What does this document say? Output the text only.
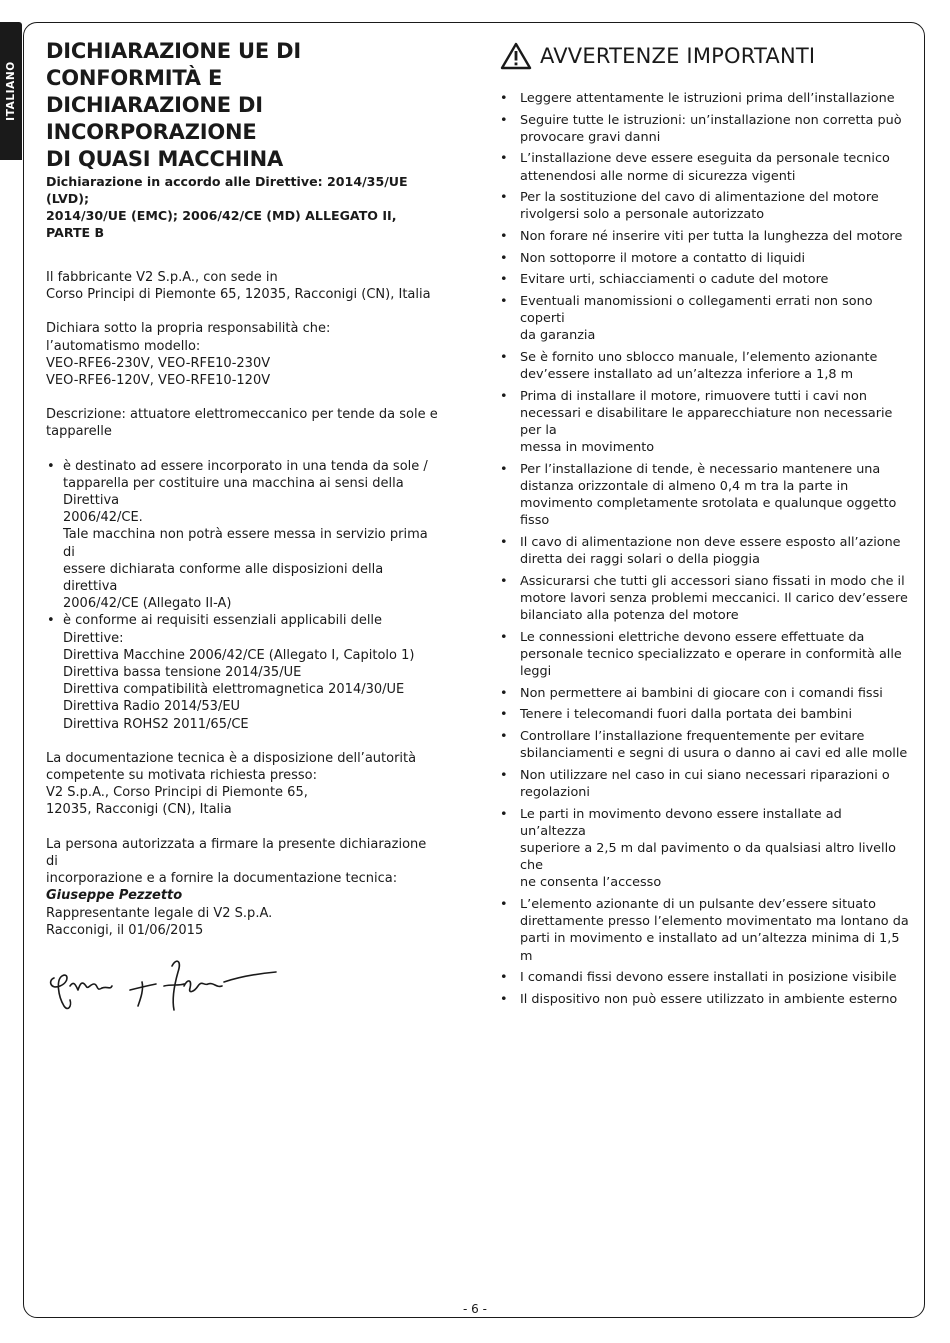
ITALIANO
DICHIARAZIONE UE DI CONFORMITÀ E
DICHIARAZIONE DI INCORPORAZIONE
DI QUASI MACCHINA

Dichiarazione in accordo alle Direttive: 2014/35/UE (LVD);
2014/30/UE (EMC); 2006/42/CE (MD) ALLEGATO II, PARTE B

Il fabbricante V2 S.p.A., con sede in
Corso Principi di Piemonte 65, 12035, Racconigi (CN), Italia

Dichiara sotto la propria responsabilità che:
l’automatismo modello:
VEO-RFE6-230V, VEO-RFE10-230V
VEO-RFE6-120V, VEO-RFE10-120V

Descrizione: attuatore elettromeccanico per tende da sole e
tapparelle

• è destinato ad essere incorporato in una tenda da sole /
tapparella per costituire una macchina ai sensi della Direttiva
2006/42/CE.
Tale macchina non potrà essere messa in servizio prima di
essere dichiarata conforme alle disposizioni della direttiva
2006/42/CE (Allegato II-A)
• è conforme ai requisiti essenziali applicabili delle Direttive:
Direttiva Macchine 2006/42/CE (Allegato I, Capitolo 1)
Direttiva bassa tensione 2014/35/UE
Direttiva compatibilità elettromagnetica 2014/30/UE
Direttiva Radio 2014/53/EU
Direttiva ROHS2 2011/65/CE

La documentazione tecnica è a disposizione dell’autorità
competente su motivata richiesta presso:
V2 S.p.A., Corso Principi di Piemonte 65,
12035, Racconigi (CN), Italia

La persona autorizzata a firmare la presente dichiarazione di
incorporazione e a fornire la documentazione tecnica:
Giuseppe Pezzetto
Rappresentante legale di V2 S.p.A.
Racconigi, il 01/06/2015

AVVERTENZE IMPORTANTI
• Leggere attentamente le istruzioni prima dell’installazione
• Seguire tutte le istruzioni: un’installazione non corretta può
provocare gravi danni
• L’installazione deve essere eseguita da personale tecnico
attenendosi alle norme di sicurezza vigenti
• Per la sostituzione del cavo di alimentazione del motore
rivolgersi solo a personale autorizzato
• Non forare né inserire viti per tutta la lunghezza del motore
• Non sottoporre il motore a contatto di liquidi
• Evitare urti, schiacciamenti o cadute del motore
• Eventuali manomissioni o collegamenti errati non sono coperti
da garanzia
• Se è fornito uno sblocco manuale, l’elemento azionante
dev’essere installato ad un’altezza inferiore a 1,8 m
• Prima di installare il motore, rimuovere tutti i cavi non
necessari e disabilitare le apparecchiature non necessarie per la
messa in movimento
• Per l’installazione di tende, è necessario mantenere una
distanza orizzontale di almeno 0,4 m tra la parte in
movimento completamente srotolata e qualunque oggetto
fisso
• Il cavo di alimentazione non deve essere esposto all’azione
diretta dei raggi solari o della pioggia
• Assicurarsi che tutti gli accessori siano fissati in modo che il
motore lavori senza problemi meccanici. Il carico dev’essere
bilanciato alla potenza del motore
• Le connessioni elettriche devono essere effettuate da
personale tecnico specializzato e operare in conformità alle
leggi
• Non permettere ai bambini di giocare con i comandi fissi
• Tenere i telecomandi fuori dalla portata dei bambini
• Controllare l’installazione frequentemente per evitare
sbilanciamenti e segni di usura o danno ai cavi ed alle molle
• Non utilizzare nel caso in cui siano necessari riparazioni o
regolazioni
• Le parti in movimento devono essere installate ad un’altezza
superiore a 2,5 m dal pavimento o da qualsiasi altro livello che
ne consenta l’accesso
• L’elemento azionante di un pulsante dev’essere situato
direttamente presso l’elemento movimentato ma lontano da
parti in movimento e installato ad un’altezza minima di 1,5 m
• I comandi fissi devono essere installati in posizione visibile
• Il dispositivo non può essere utilizzato in ambiente esterno
- 6 -
